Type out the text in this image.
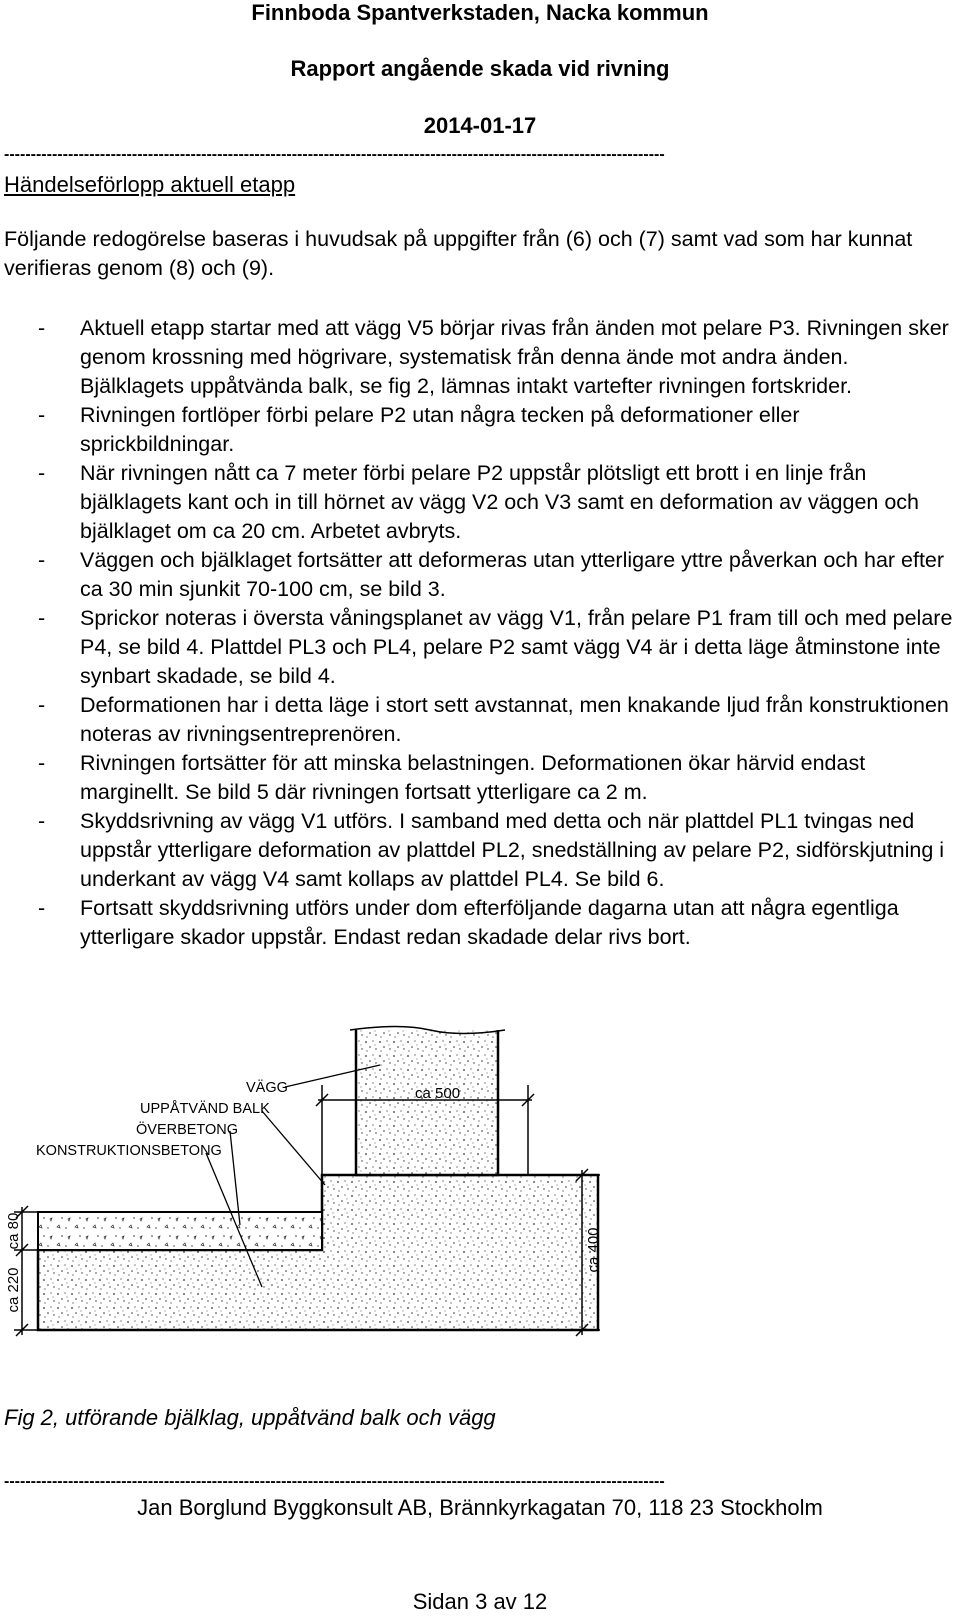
Finnboda Spantverkstaden, Nacka kommun
Rapport angående skada vid rivning
2014-01-17
----------------------------------------------------------------------------------------------------------------------------
Händelseförlopp aktuell etapp
Följande redogörelse baseras i huvudsak på uppgifter från (6) och (7) samt vad som har kunnat verifieras genom (8) och (9).
- Aktuell etapp startar med att vägg V5 börjar rivas från änden mot pelare P3. Rivningen sker genom krossning med högrivare, systematisk från denna ände mot andra änden. Bjälklagets uppåtvända balk, se fig 2, lämnas intakt vartefter rivningen fortskrider.
- Rivningen fortlöper förbi pelare P2 utan några tecken på deformationer eller sprickbildningar.
- När rivningen nått ca 7 meter förbi pelare P2 uppstår plötsligt ett brott i en linje från bjälklagets kant och in till hörnet av vägg V2 och V3 samt en deformation av väggen och bjälklaget om ca 20 cm. Arbetet avbryts.
- Väggen och bjälklaget fortsätter att deformeras utan ytterligare yttre påverkan och har efter ca 30 min sjunkit 70-100 cm, se bild 3.
- Sprickor noteras i översta våningsplanet av vägg V1, från pelare P1 fram till och med pelare P4, se bild 4. Plattdel PL3 och PL4, pelare P2 samt vägg V4 är i detta läge åtminstone inte synbart skadade, se bild 4.
- Deformationen har i detta läge i stort sett avstannat, men knakande ljud från konstruktionen noteras av rivningsentreprenören.
- Rivningen fortsätter för att minska belastningen. Deformationen ökar härvid endast marginellt. Se bild 5 där rivningen fortsatt ytterligare ca 2 m.
- Skyddsrivning av vägg V1 utförs. I samband med detta och när plattdel PL1 tvingas ned uppstår ytterligare deformation av plattdel PL2, snedställning av pelare P2, sidförskjutning i underkant av vägg V4 samt kollaps av plattdel PL4. Se bild 6.
- Fortsatt skyddsrivning utförs under dom efterföljande dagarna utan att några egentliga ytterligare skador uppstår. Endast redan skadade delar rivs bort.
ca 500
ca 400
ca 80
ca 220
VÄGG
UPPÅTVÄND BALK
ÖVERBETONG
KONSTRUKTIONSBETONG
Fig 2, utförande bjälklag, uppåtvänd balk och vägg
----------------------------------------------------------------------------------------------------------------------------
Jan Borglund Byggkonsult AB, Brännkyrkagatan 70, 118 23 Stockholm
Sidan 3 av 12
